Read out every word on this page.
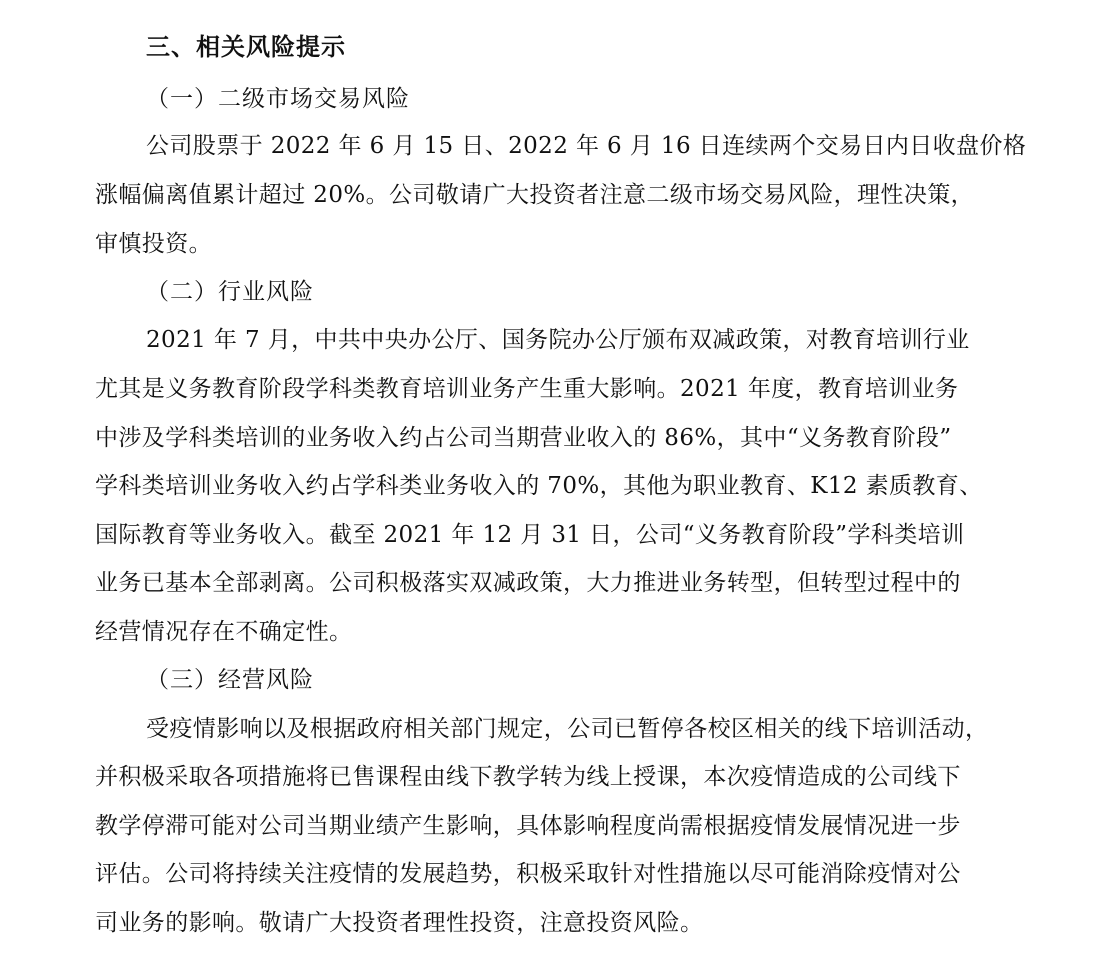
三、相关风险提示
（一）二级市场交易风险
公司股票于 2022 年 6 月 15 日、2022 年 6 月 16 日连续两个交易日内日收盘价格
涨幅偏离值累计超过 20%。公司敬请广大投资者注意二级市场交易风险，理性决策，
审慎投资。
（二）行业风险
2021 年 7 月，中共中央办公厅、国务院办公厅颁布双减政策，对教育培训行业
尤其是义务教育阶段学科类教育培训业务产生重大影响。2021 年度，教育培训业务
中涉及学科类培训的业务收入约占公司当期营业收入的 86%，其中“义务教育阶段”
学科类培训业务收入约占学科类业务收入的 70%，其他为职业教育、K12 素质教育、
国际教育等业务收入。截至 2021 年 12 月 31 日，公司“义务教育阶段”学科类培训
业务已基本全部剥离。公司积极落实双减政策，大力推进业务转型，但转型过程中的
经营情况存在不确定性。
（三）经营风险
受疫情影响以及根据政府相关部门规定，公司已暂停各校区相关的线下培训活动，
并积极采取各项措施将已售课程由线下教学转为线上授课，本次疫情造成的公司线下
教学停滞可能对公司当期业绩产生影响，具体影响程度尚需根据疫情发展情况进一步
评估。公司将持续关注疫情的发展趋势，积极采取针对性措施以尽可能消除疫情对公
司业务的影响。敬请广大投资者理性投资，注意投资风险。
